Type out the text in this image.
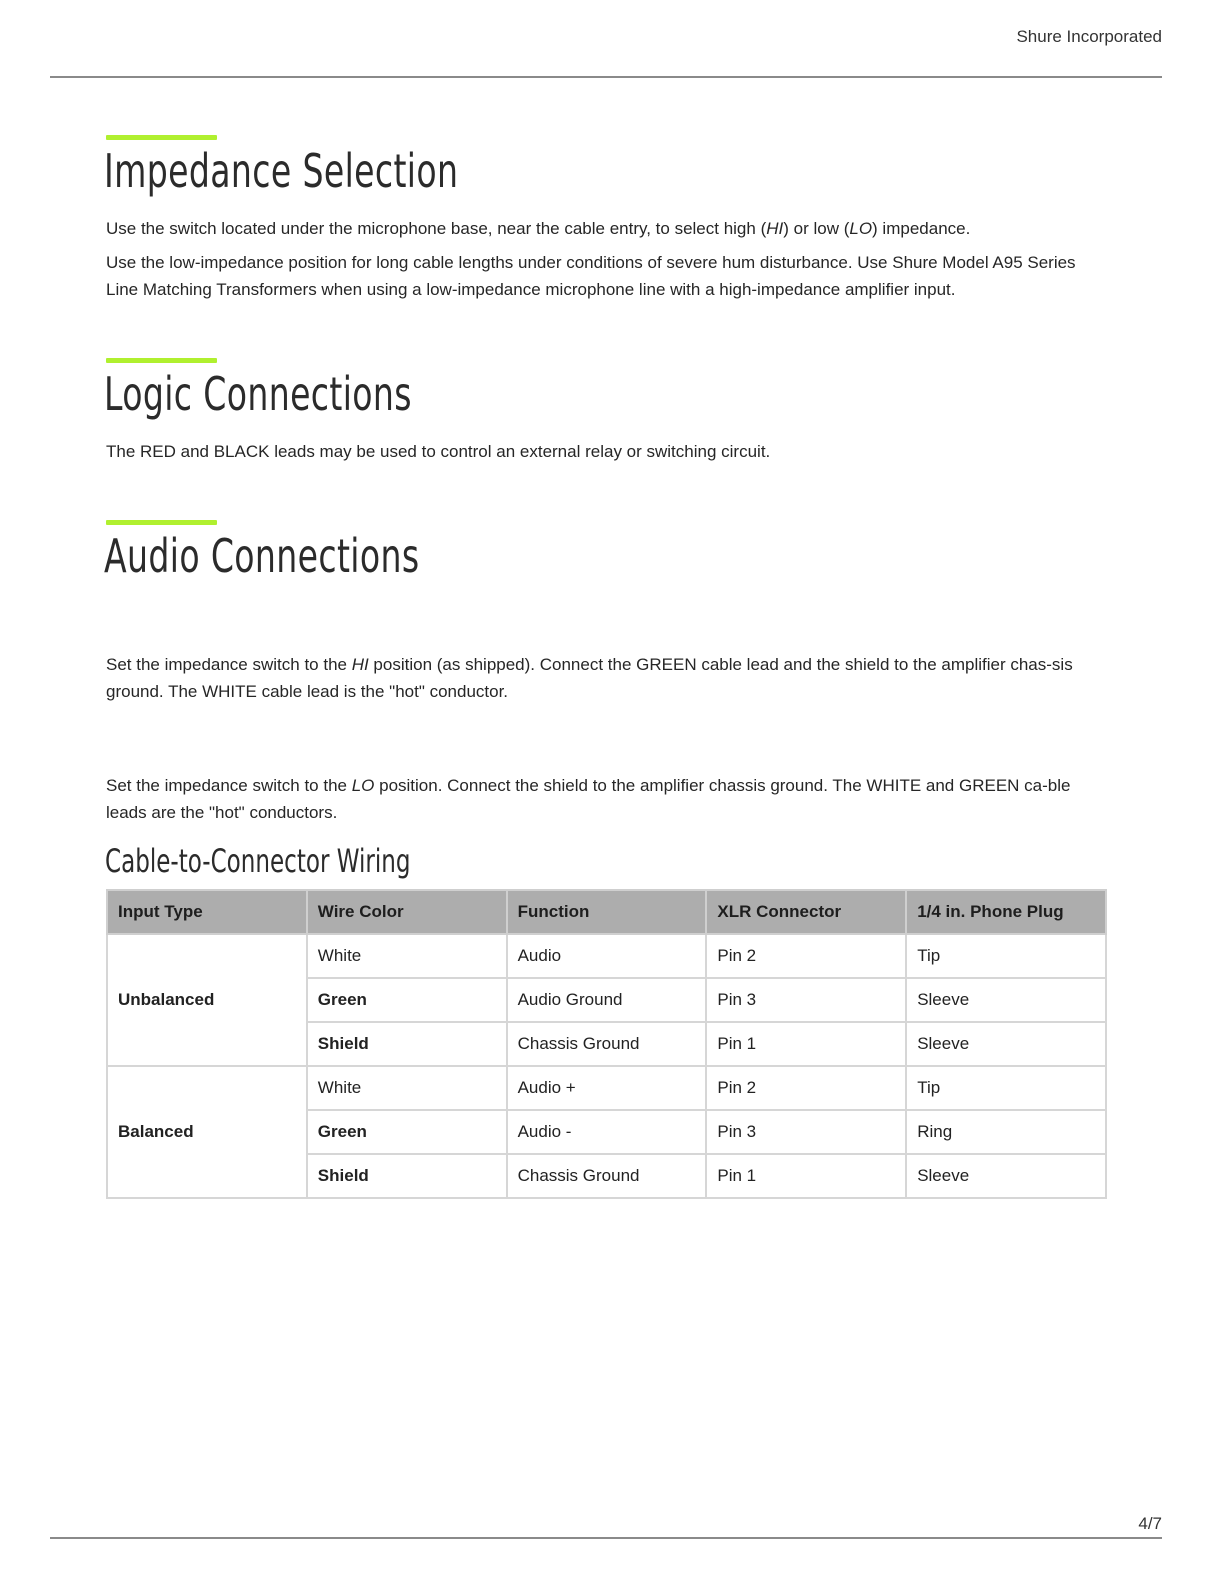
Shure Incorporated
Impedance Selection

Use the switch located under the microphone base, near the cable entry, to select high (HI) or low (LO) impedance.

Use the low-impedance position for long cable lengths under conditions of severe hum disturbance. Use Shure Model A95 Series Line Matching Transformers when using a low-impedance microphone line with a high-impedance amplifier input.

Logic Connections

The RED and BLACK leads may be used to control an external relay or switching circuit.

Audio Connections

Set the impedance switch to the HI position (as shipped). Connect the GREEN cable lead and the shield to the amplifier chas-sis ground. The WHITE cable lead is the "hot" conductor.

Set the impedance switch to the LO position. Connect the shield to the amplifier chassis ground. The WHITE and GREEN ca-ble leads are the "hot" conductors.

Cable-to-Connector Wiring
Input Type	Wire Color	Function	XLR Connector	1/4 in. Phone Plug
Unbalanced	White	Audio	Pin 2	Tip
	Green	Audio Ground	Pin 3	Sleeve
	Shield	Chassis Ground	Pin 1	Sleeve
Balanced	White	Audio +	Pin 2	Tip
	Green	Audio -	Pin 3	Ring
	Shield	Chassis Ground	Pin 1	Sleeve
4/7
